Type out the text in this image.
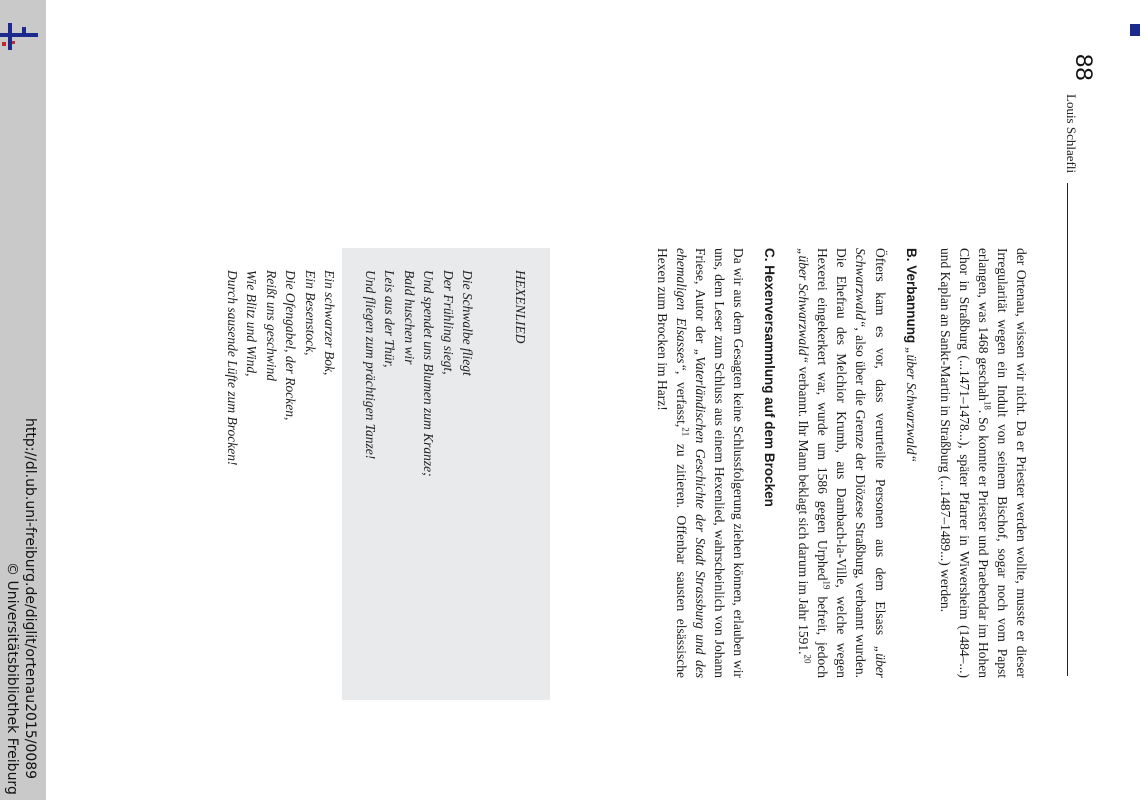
http://dl.ub.uni-freiburg.de/diglit/ortenau2015/0089
© Universitätsbibliothek Freiburg
88
Louis Schlaefli

der Ortenau, wissen wir nicht. Da er Priester werden wollte, musste er dieser Irregularität wegen ein Indult von seinem Bischof, sogar noch vom Papst erlangen, was 1468 geschah$^{18}$. So konnte er Priester und Praebendar im Hohen Chor in Straßburg (...1471–1478...), später Pfarrer in Wiwersheim (1484–...) und Kaplan an Sankt-Martin in Straßburg (...1487–1489...) werden.

B. Verbannung „über Schwarzwald“

Öfters kam es vor, dass verurteilte Personen aus dem Elsass „über Schwarzwald“, also über die Grenze der Diözese Straßburg, verbannt wurden. Die Ehefrau des Melchior Krumb, aus Dambach-la-Ville, welche wegen Hexerei eingekerkert war, wurde um 1586 gegen Urphed$^{19}$ befreit, jedoch „über Schwarzwald“ verbannt. Ihr Mann beklagt sich darum im Jahr 1591.20

C. Hexenversammlung auf dem Brocken

Da wir aus dem Gesagten keine Schlussfolgerung ziehen können, erlauben wir uns, dem Leser zum Schluss aus einem Hexenlied, wahrscheinlich von Johann Friese, Autor der „Vaterländischen Geschichte der Stadt Strassburg und des ehemaligen Elsasses“, verfasst,$^{21}$ zu zitieren. Offenbar sausten elsässische Hexen zum Brocken im Harz!

HEXENLIED
Die Schwalbe fliegt
Der Frühling siegt,
Und spendet uns Blumen zum Kranze;
Bald huschen wir
Leis aus der Thür,
Und fliegen zum prächtigen Tanze!
Ein schwarzer Bok,
Ein Besenstock,
Die Ofengabel, der Rocken,
Reißt uns geschwind
Wie Blitz und Wind,
Durch sausende Lüfte zum Brocken!
